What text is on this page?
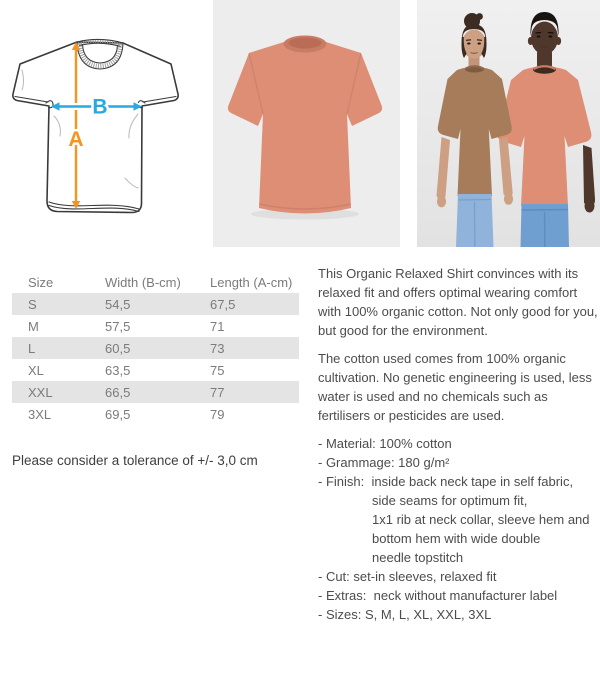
B
A
Size	Width (B-cm)	Length (A-cm)
S	54,5	67,5
M	57,5	71
L	60,5	73
XL	63,5	75
XXL	66,5	77
3XL	69,5	79
Please consider a tolerance of +/- 3,0 cm

This Organic Relaxed Shirt convinces with its relaxed fit and offers optimal wearing comfort with 100% organic cotton. Not only good for you, but good for the environment.

The cotton used comes from 100% organic cultivation. No genetic engineering is used, less water is used and no chemicals such as fertilisers or pesticides are used.

- Material: 100% cotton
- Grammage: 180 g/m²
- Finish:  inside back neck tape in self fabric,
side seams for optimum fit,
1x1 rib at neck collar, sleeve hem and
bottom hem with wide double
needle topstitch
- Cut: set-in sleeves, relaxed fit
- Extras:  neck without manufacturer label
- Sizes: S, M, L, XL, XXL, 3XL
